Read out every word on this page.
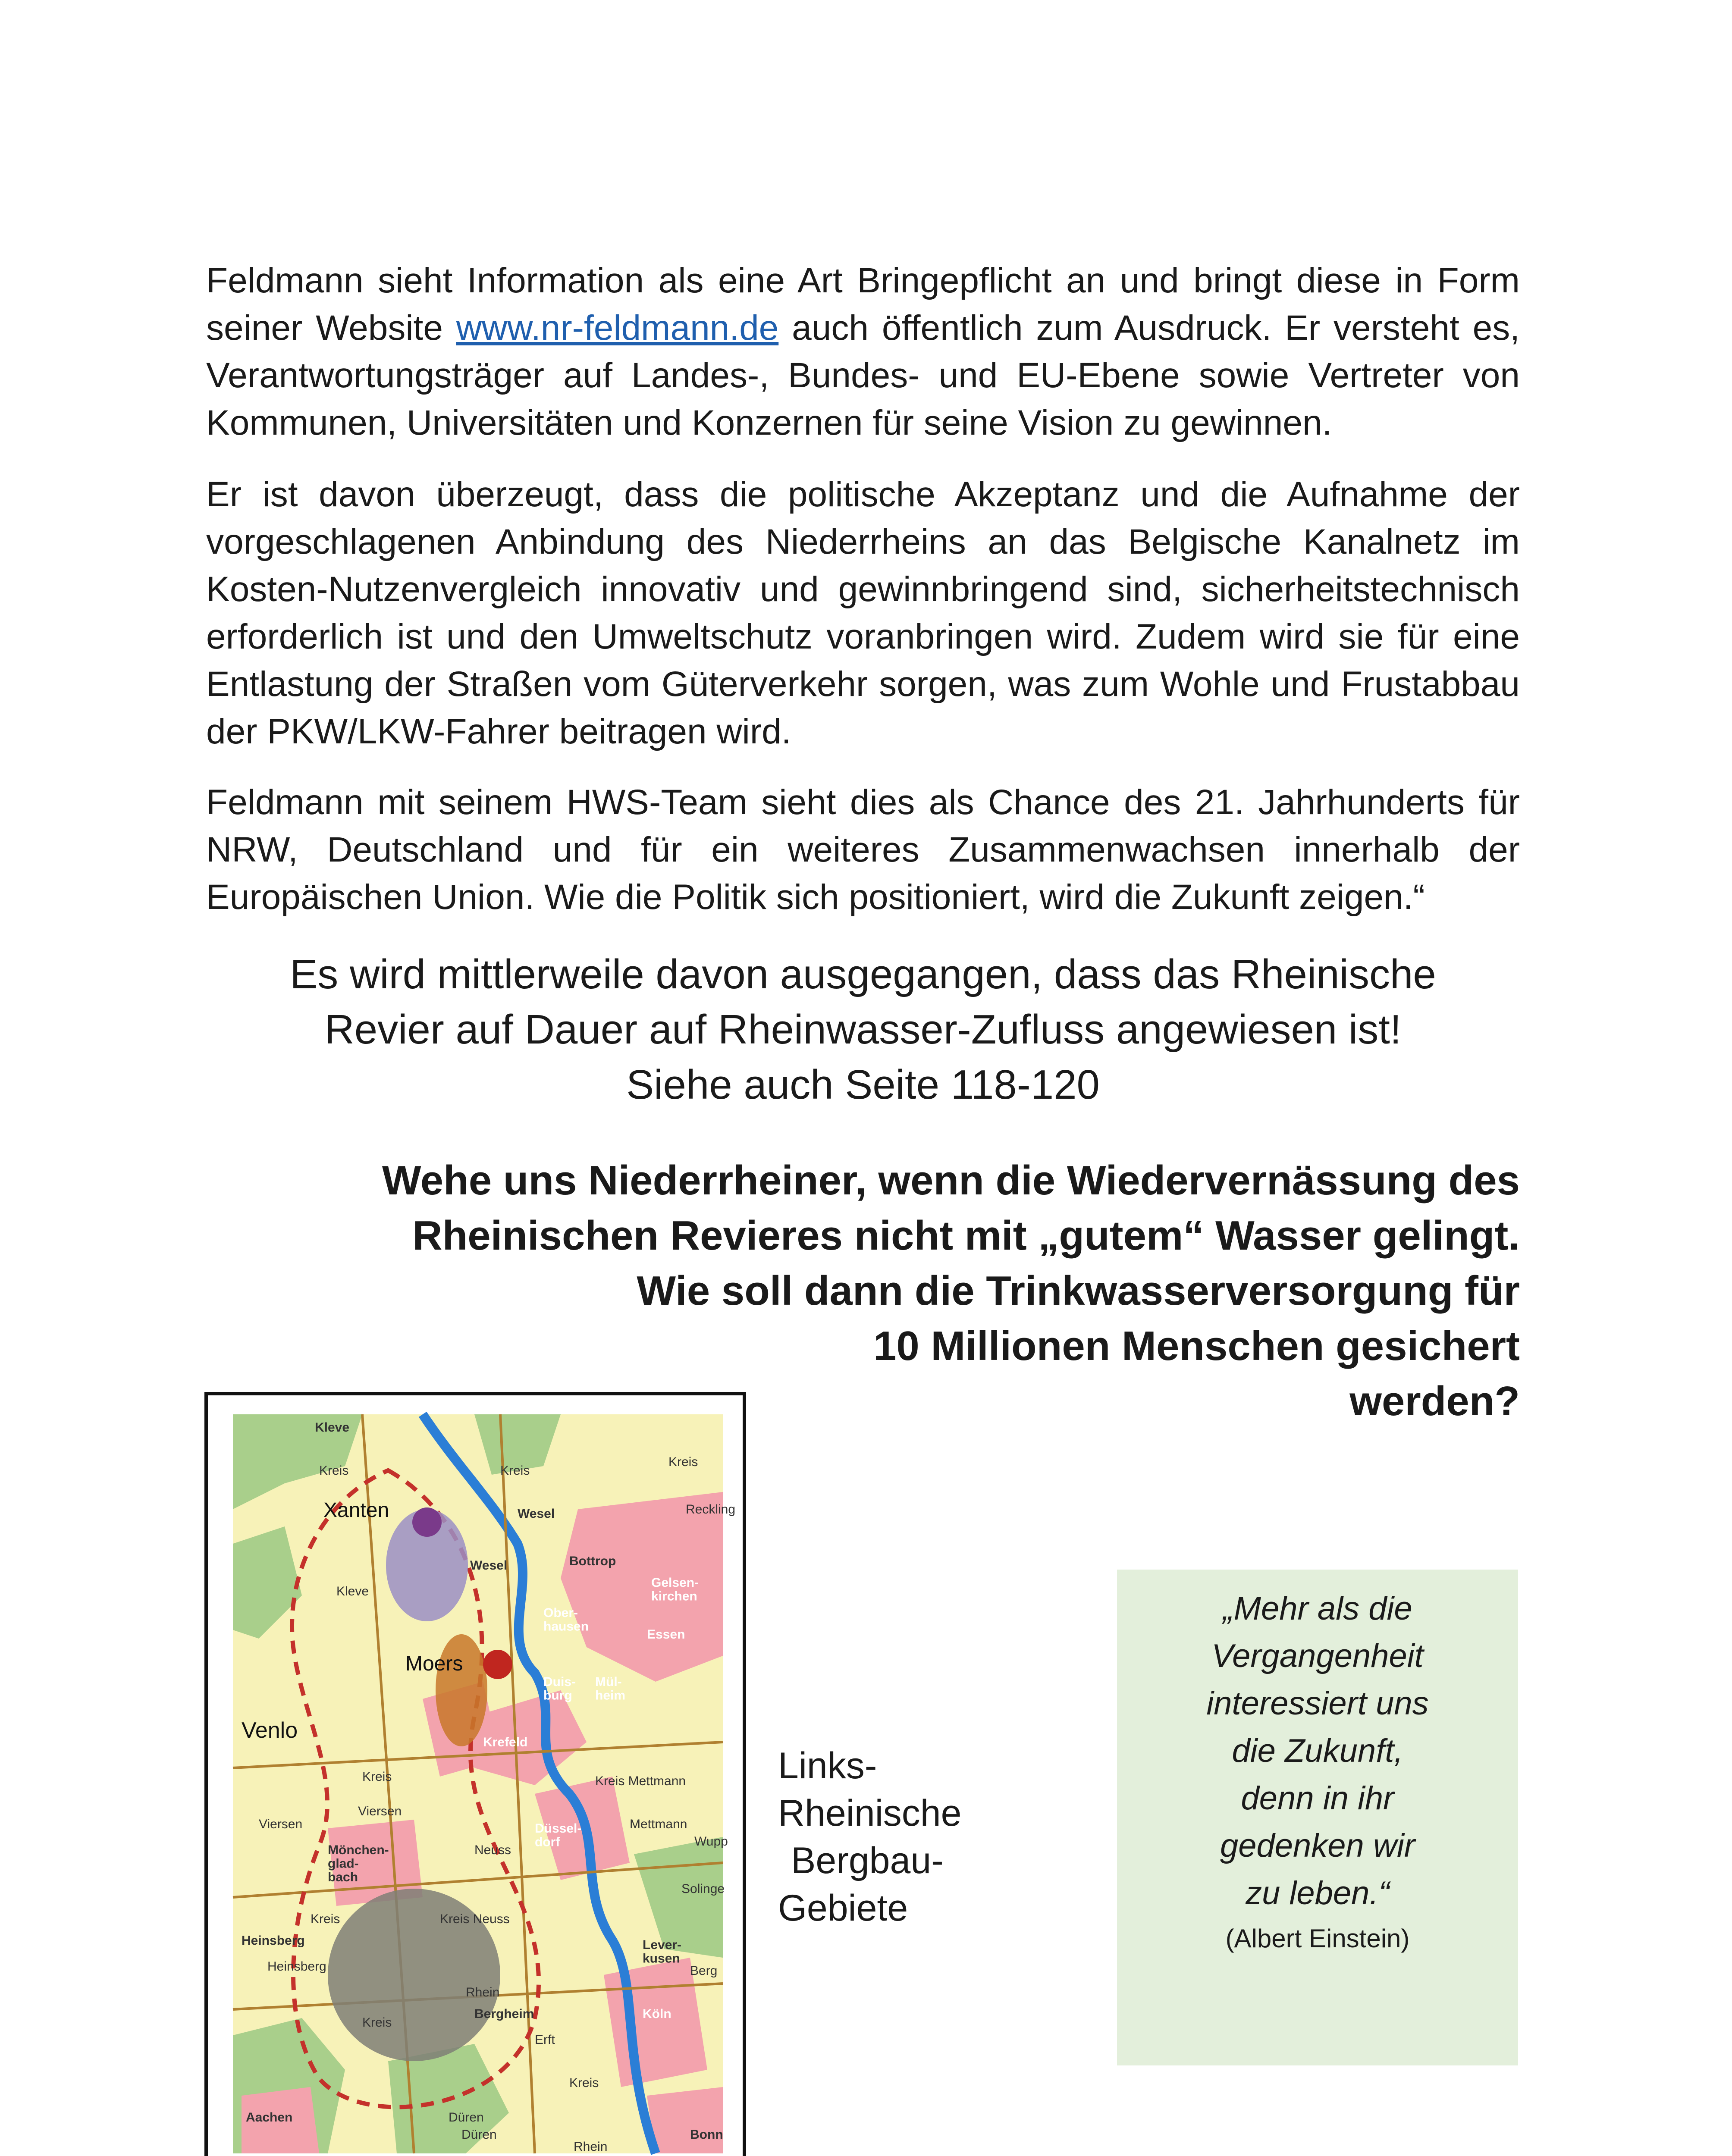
Feldmann sieht Information als eine Art Bringepflicht an und bringt diese in Form seiner Website www.nr-feldmann.de auch öffentlich zum Ausdruck. Er versteht es, Verantwortungsträger auf Landes-, Bundes- und EU-Ebene sowie Vertreter von Kommunen, Universitäten und Konzernen für seine Vision zu gewinnen.

Er ist davon überzeugt, dass die politische Akzeptanz und die Aufnahme der vorgeschlagenen Anbindung des Niederrheins an das Belgische Kanalnetz im Kosten-Nutzenvergleich innovativ und gewinnbringend sind, sicherheitstechnisch erforderlich ist und den Umweltschutz voranbringen wird. Zudem wird sie für eine Entlastung der Straßen vom Güterverkehr sorgen, was zum Wohle und Frustabbau der PKW/LKW-Fahrer beitragen wird.

Feldmann mit seinem HWS-Team sieht dies als Chance des 21. Jahrhunderts für NRW, Deutschland und für ein weiteres Zusammenwachsen innerhalb der Europäischen Union. Wie die Politik sich positioniert, wird die Zukunft zeigen.“

Es wird mittlerweile davon ausgegangen, dass das Rheinische
Revier auf Dauer auf Rheinwasser-Zufluss angewiesen ist!
Siehe auch Seite 118-120
Wehe uns Niederrheiner, wenn die Wiedervernässung des
Rheinischen Revieres nicht mit „gutem“ Wasser gelingt.
Wie soll dann die Trinkwasserversorgung für
10 Millionen Menschen gesichert
werden?
Kleve
Kreis	Kreis
Kreis
Xanten	Wesel
Wesel
Kleve
Bottrop
Reckling
Gelsen-kirchen
Ober-hausen
Essen
Moers
Duis-burg
Mül-heim
Venlo	Krefeld
Kreis
Viersen
Viersen
Kreis Mettmann
Düssel-dorf
Mettmann
Wupp
Mönchen-glad-bach
Neuss
Solinge
Kreis Neuss
Kreis
Heinsberg
Heinsberg
Lever-kusen
Rhein
Bergheim	Köln
Berg
Kreis
Erft
Kreis
Aachen	Düren
Düren	Bonn
Rhein
Links-
Rheinische
Bergbau-
Gebiete
„Mehr als die
Vergangenheit
interessiert uns
die Zukunft,
denn in ihr
gedenken wir
zu leben.“
(Albert Einstein)
